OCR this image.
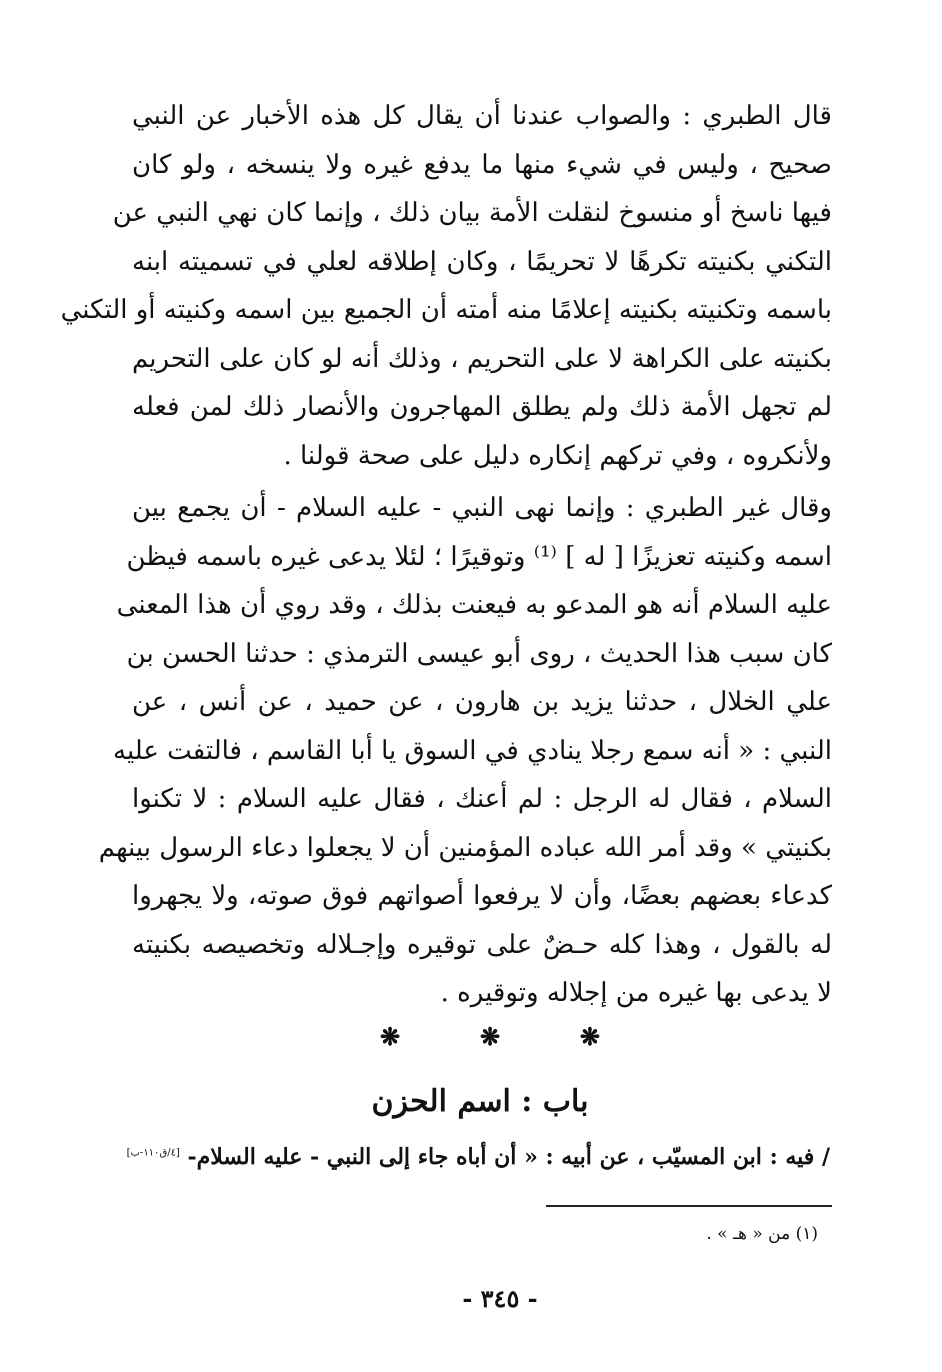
قال الطبري : والصواب عندنا أن يقال كل هذه الأخبار عن النبي
صحيح ، وليس في شيء منها ما يدفع غيره ولا ينسخه ، ولو كان
فيها ناسخ أو منسوخ لنقلت الأمة بيان ذلك ، وإنما كان نهي النبي عن
التكني بكنيته تكرهًا لا تحريمًا ، وكان إطلاقه لعلي في تسميته ابنه
باسمه وتكنيته بكنيته إعلامًا منه أمته أن الجميع بين اسمه وكنيته أو التكني
بكنيته على الكراهة لا على التحريم ، وذلك أنه لو كان على التحريم
لم تجهل الأمة ذلك ولم يطلق المهاجرون والأنصار ذلك لمن فعله
ولأنكروه ، وفي تركهم إنكاره دليل على صحة قولنا .
وقال غير الطبري : وإنما نهى النبي - عليه السلام - أن يجمع بين
اسمه وكنيته تعزيزًا [ له ] ⁽¹⁾ وتوقيرًا ؛ لئلا يدعى غيره باسمه فيظن
عليه السلام أنه هو المدعو به فيعنت بذلك ، وقد روي أن هذا المعنى
كان سبب هذا الحديث ، روى أبو عيسى الترمذي : حدثنا الحسن بن
علي الخلال ، حدثنا يزيد بن هارون ، عن حميد ، عن أنس ، عن
النبي : « أنه سمع رجلا ينادي في السوق يا أبا القاسم ، فالتفت عليه
السلام ، فقال له الرجل : لم أعنك ، فقال عليه السلام : لا تكنوا
بكنيتي » وقد أمر الله عباده المؤمنين أن لا يجعلوا دعاء الرسول بينهم
كدعاء بعضهم بعضًا، وأن لا يرفعوا أصواتهم فوق صوته، ولا يجهروا
له بالقول ، وهذا كله حـضٌ على توقيره وإجـلاله وتخصيصه بكنيته
لا يدعى بها غيره من إجلاله وتوقيره .
❋	❋	❋
باب : اسم الحزن
/ فيه : ابن المسيّب ، عن أبيه : « أن أباه جاء إلى النبي - عليه السلام- [٤/ق١١٠-ب]
(١) من « هـ » .
- ٣٤٥ -
